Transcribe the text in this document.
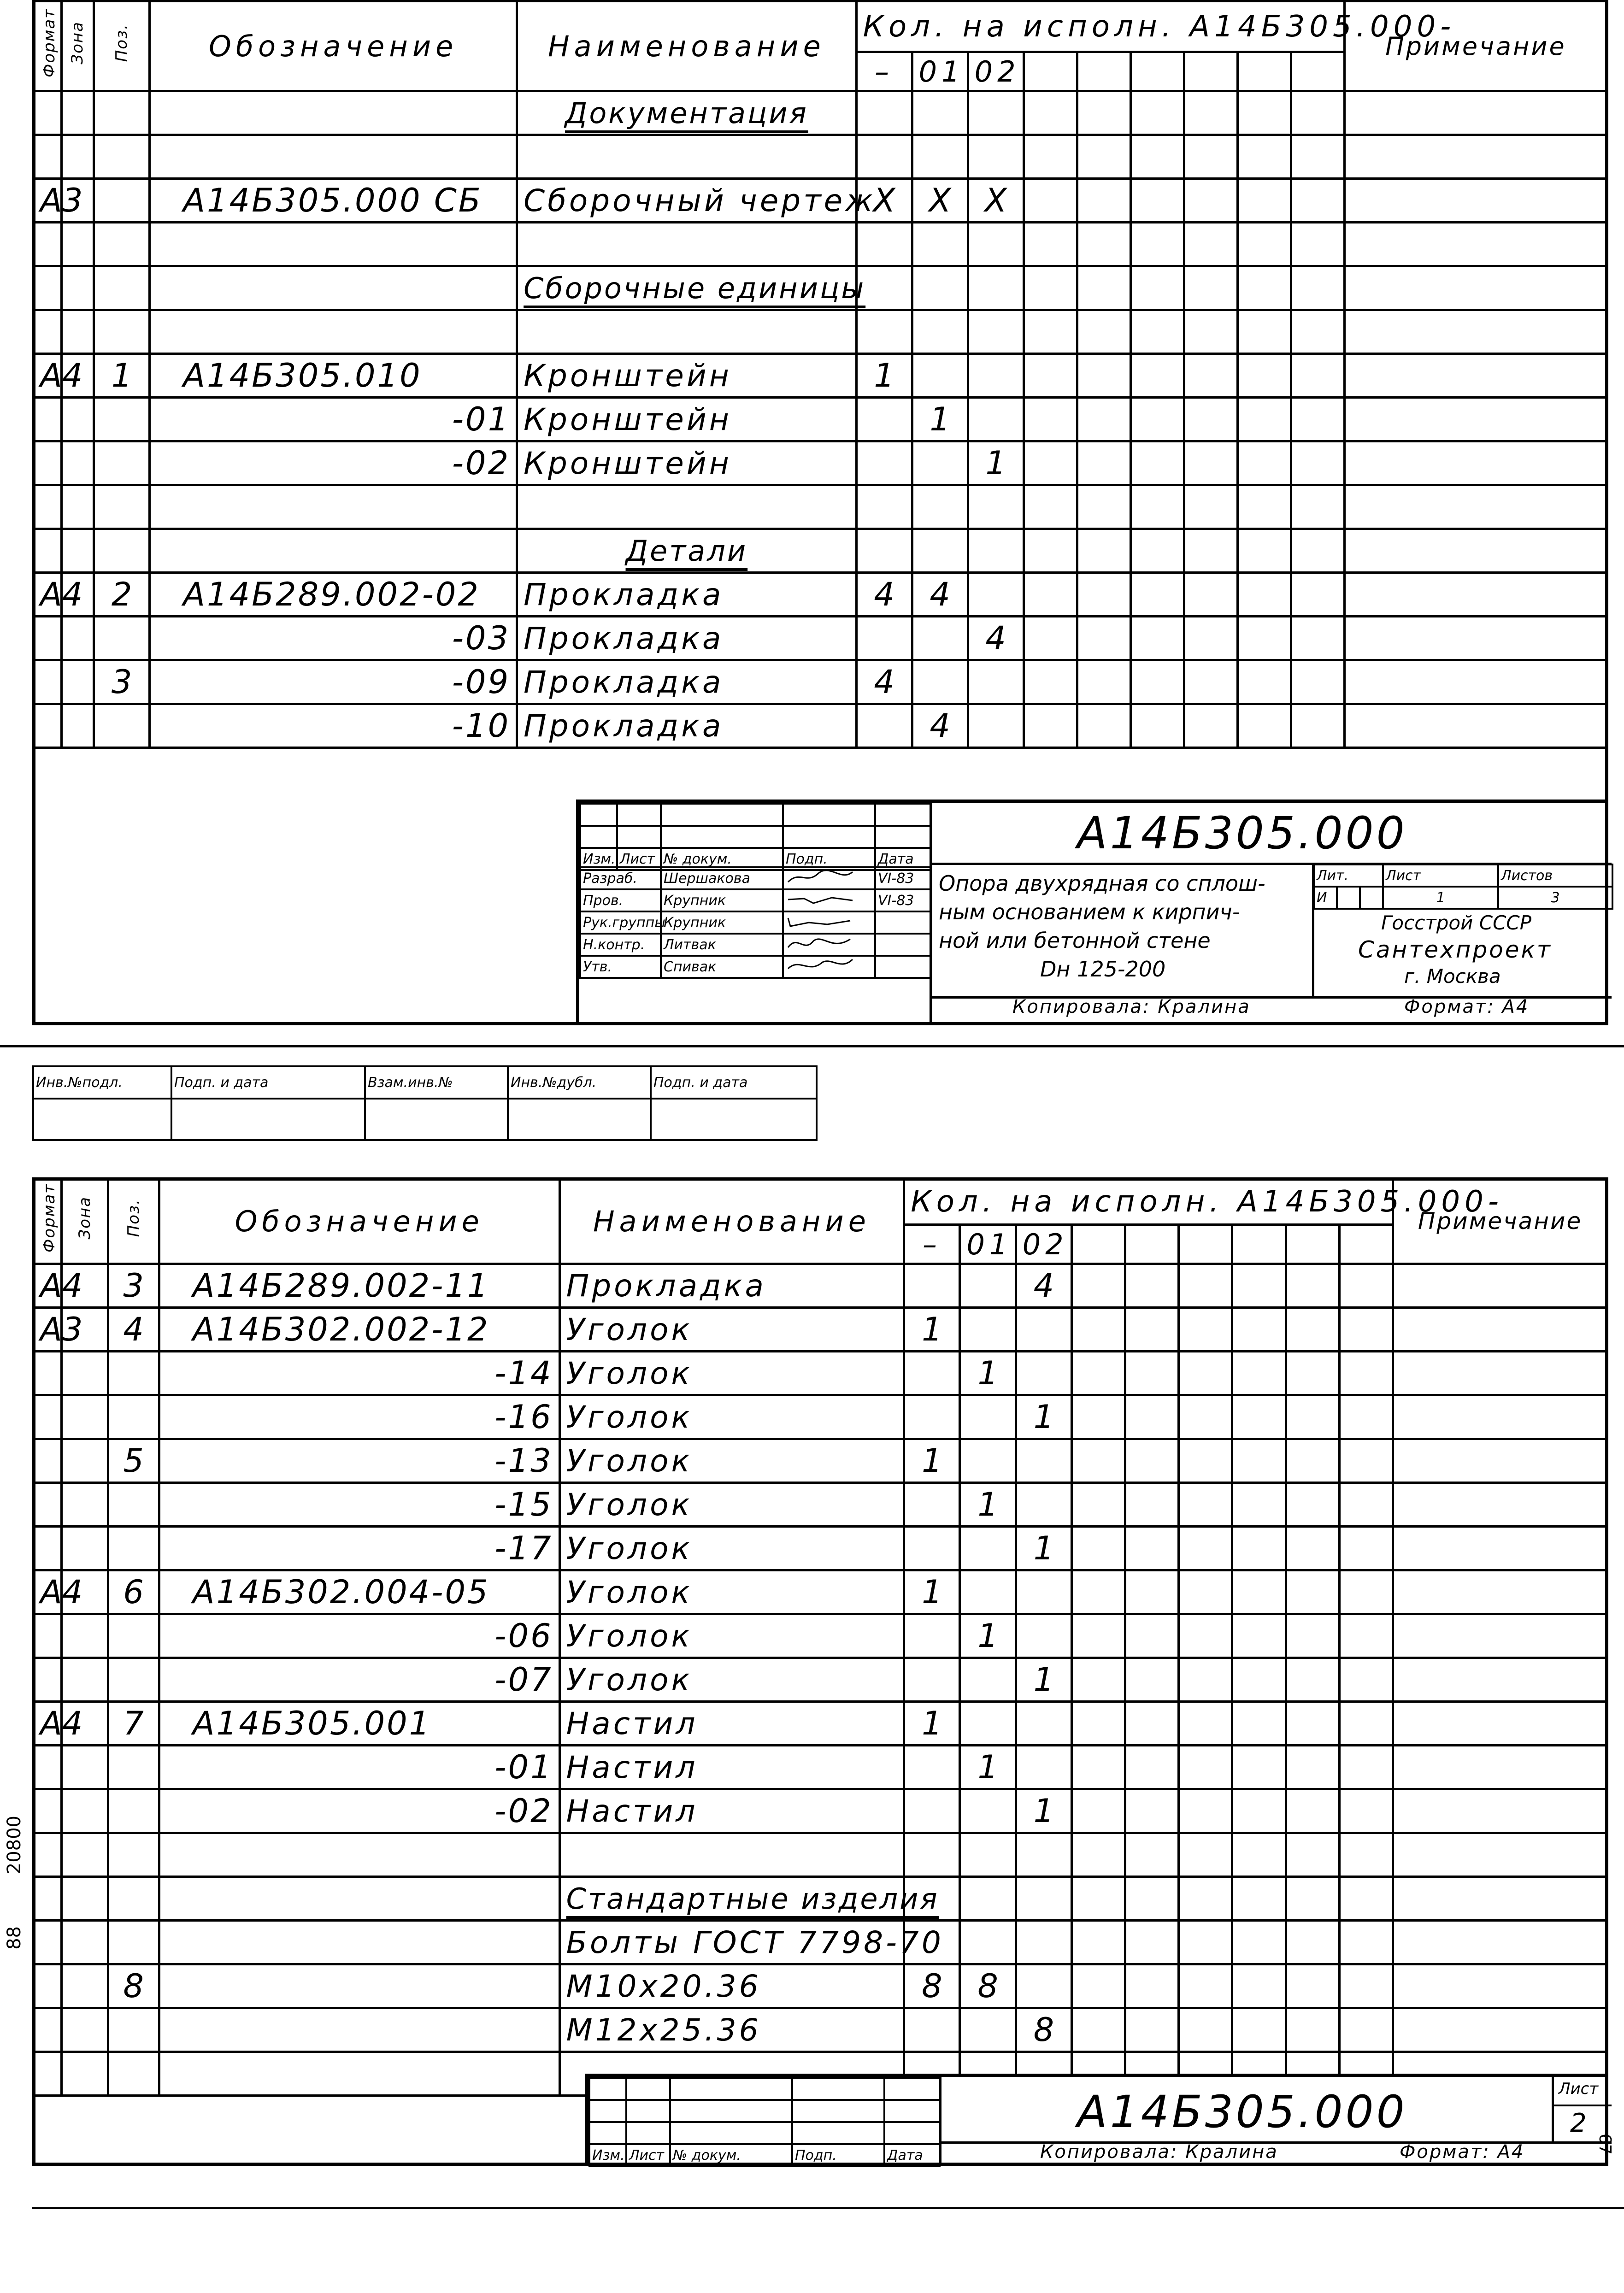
Формат	Зона	Поз.	Обозначение	Наименование	Кол. на исполн. А14Б305.000-									Примечание
					–	01	02							
				Документация										

А3			А14Б305.000 СБ	Сборочный чертеж	Х	Х	Х							

				Сборочные единицы										

А4		1	А14Б305.010	Кронштейн	1									
			-01	Кронштейн		1								
			-02	Кронштейн			1							

				Детали										
А4		2	А14Б289.002-02	Прокладка	4	4								
			-03	Прокладка			4							
		3	-09	Прокладка	4									
			-10	Прокладка		4								

Изм.	Лист	№ докум.	Подп.	Дата
Разраб.	Шершакова		VI-83
Пров.	Крупник		VI-83
Рук.группы	Крупник		
Н.контр.	Литвак		
Утв.	Спивак		
А14Б305.000
Опора двухрядная со сплош-
ным основанием к кирпич-
ной или бетонной стене
Dн 125-200
Лит.			Лист	Листов
И			1	3
Госстрой СССР
Сантехпроект
г. Москва
Копировала: Кралина	Формат: А4
Инв.№подл.	Подп. и дата	Взам.инв.№	Инв.№дубл.	Подп. и дата

Формат	Зона	Поз.	Обозначение	Наименование	Кол. на исполн. А14Б305.000-									Примечание
					–	01	02							
А4		3	А14Б289.002-11	Прокладка			4							
А3		4	А14Б302.002-12	Уголок	1									
			-14	Уголок		1								
			-16	Уголок			1							
		5	-13	Уголок	1									
			-15	Уголок		1								
			-17	Уголок			1							
А4		6	А14Б302.004-05	Уголок	1									
			-06	Уголок		1								
			-07	Уголок			1							
А4		7	А14Б305.001	Настил	1									
			-01	Настил		1								
			-02	Настил			1							

				Стандартные изделия										
				Болты ГОСТ 7798-70										
		8		М10х20.36	8	8								
				М12х25.36			8							

Изм.	Лист	№ докум.	Подп.	Дата
А14Б305.000	Лист
2
Копировала: Кралина	Формат: А4
20800
88
67
